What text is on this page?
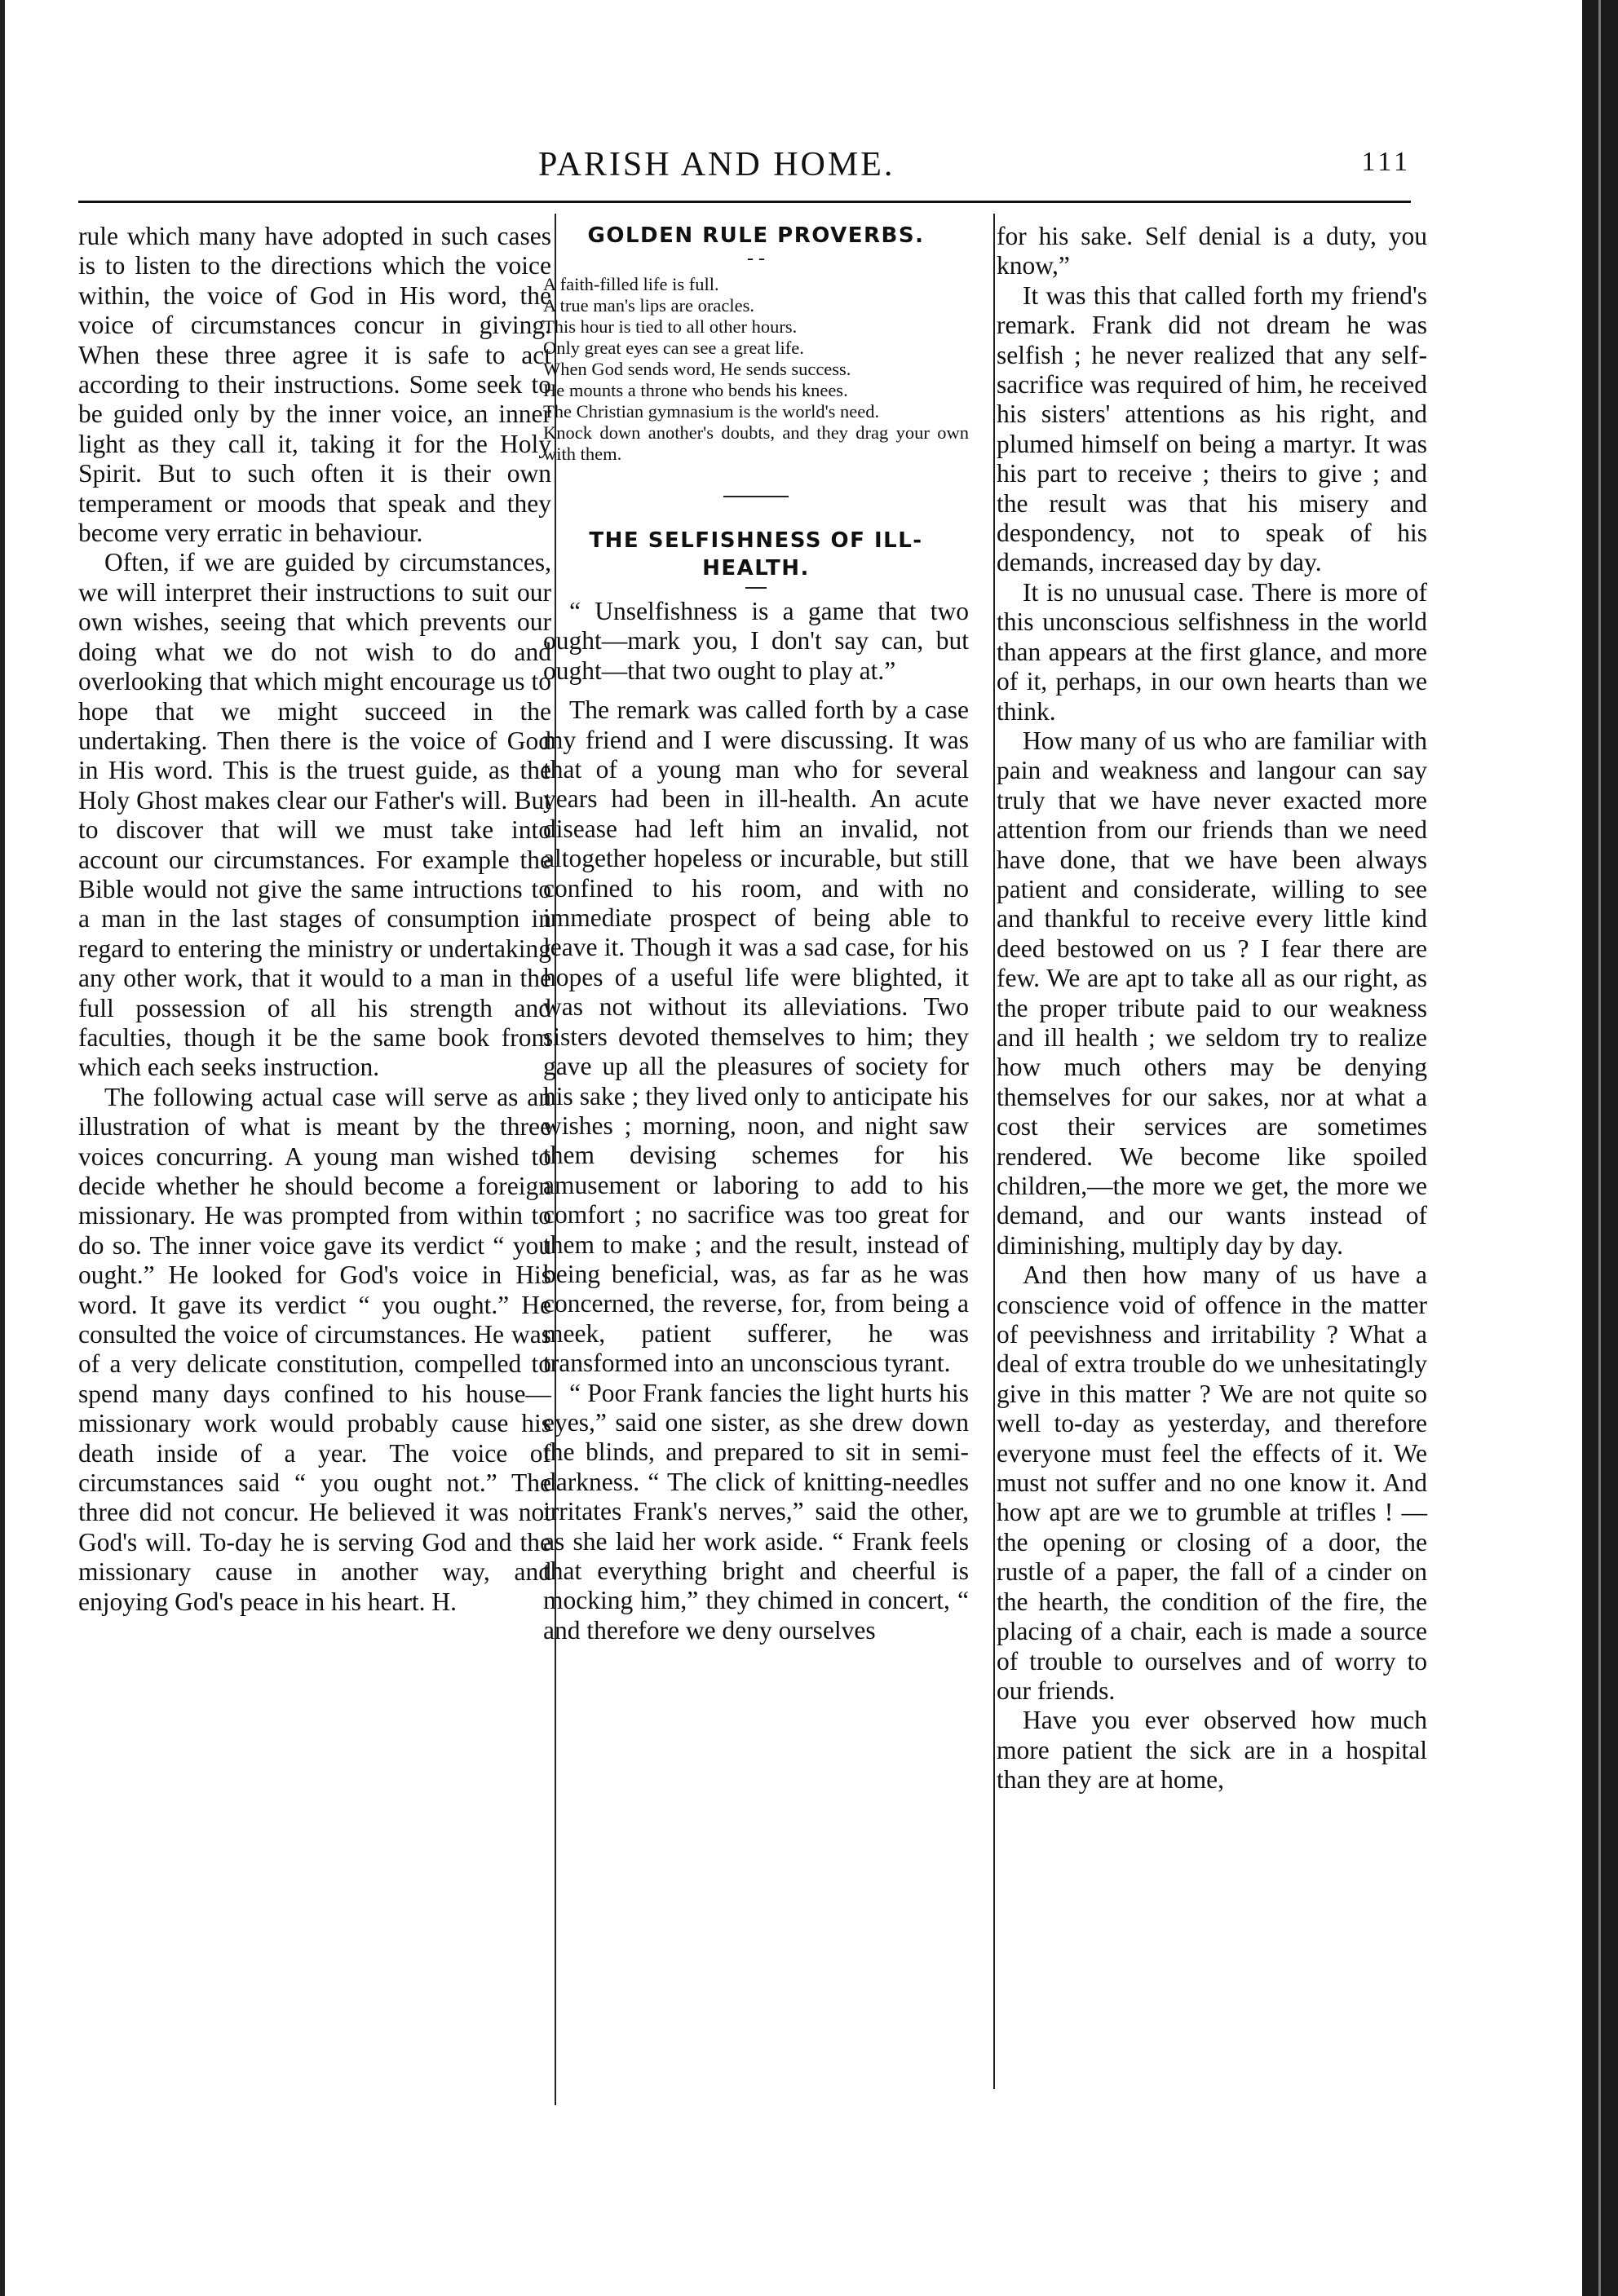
PARISH AND HOME.	111

rule which many have adopted in such cases is to listen to the directions which the voice within, the voice of God in His word, the voice of circumstances concur in giving. When these three agree it is safe to act according to their instructions. Some seek to be guided only by the inner voice, an inner light as they call it, taking it for the Holy Spirit. But to such often it is their own temperament or moods that speak and they become very erratic in behaviour.

Often, if we are guided by circumstances, we will interpret their instructions to suit our own wishes, seeing that which prevents our doing what we do not wish to do and overlooking that which might encourage us to hope that we might succeed in the undertaking. Then there is the voice of God in His word. This is the truest guide, as the Holy Ghost makes clear our Father's will. But to discover that will we must take into account our circumstances. For example the Bible would not give the same intructions to a man in the last stages of consumption in regard to entering the ministry or undertaking any other work, that it would to a man in the full possession of all his strength and faculties, though it be the same book from which each seeks instruction.

The following actual case will serve as an illustration of what is meant by the three voices concurring. A young man wished to decide whether he should become a foreign missionary. He was prompted from within to do so. The inner voice gave its verdict “ you ought.” He looked for God's voice in His word. It gave its verdict “ you ought.” He consulted the voice of circumstances. He was of a very delicate constitution, compelled to spend many days confined to his house—missionary work would probably cause his death inside of a year. The voice of circumstances said “ you ought not.” The three did not concur. He believed it was not God's will. To-day he is serving God and the missionary cause in another way, and enjoying God's peace in his heart. H.

GOLDEN RULE PROVERBS.

- -

A faith-filled life is full.

A true man's lips are oracles.

This hour is tied to all other hours.

Only great eyes can see a great life.

When God sends word, He sends success.

He mounts a throne who bends his knees.

The Christian gymnasium is the world's need.

Knock down another's doubts, and they drag your own with them.

THE SELFISHNESS OF ILL-HEALTH.

“ Unselfishness is a game that two ought—mark you, I don't say can, but ought—that two ought to play at.”

The remark was called forth by a case my friend and I were discussing. It was that of a young man who for several years had been in ill-health. An acute disease had left him an invalid, not altogether hopeless or incurable, but still confined to his room, and with no immediate prospect of being able to leave it. Though it was a sad case, for his hopes of a useful life were blighted, it was not without its alleviations. Two sisters devoted themselves to him; they gave up all the pleasures of society for his sake ; they lived only to anticipate his wishes ; morning, noon, and night saw them devising schemes for his amusement or laboring to add to his comfort ; no sacrifice was too great for them to make ; and the result, instead of being beneficial, was, as far as he was concerned, the reverse, for, from being a meek, patient sufferer, he was transformed into an unconscious tyrant.

“ Poor Frank fancies the light hurts his eyes,” said one sister, as she drew down the blinds, and prepared to sit in semi-darkness. “ The click of knitting-needles irritates Frank's nerves,” said the other, as she laid her work aside. “ Frank feels that everything bright and cheerful is mocking him,” they chimed in concert, “ and therefore we deny ourselves

for his sake. Self denial is a duty, you know,”

It was this that called forth my friend's remark. Frank did not dream he was selfish ; he never realized that any self-sacrifice was required of him, he received his sisters' attentions as his right, and plumed himself on being a martyr. It was his part to receive ; theirs to give ; and the result was that his misery and despondency, not to speak of his demands, increased day by day.

It is no unusual case. There is more of this unconscious selfishness in the world than appears at the first glance, and more of it, perhaps, in our own hearts than we think.

How many of us who are familiar with pain and weakness and langour can say truly that we have never exacted more attention from our friends than we need have done, that we have been always patient and considerate, willing to see and thankful to receive every little kind deed bestowed on us ? I fear there are few. We are apt to take all as our right, as the proper tribute paid to our weakness and ill health ; we seldom try to realize how much others may be denying themselves for our sakes, nor at what a cost their services are sometimes rendered. We become like spoiled children,—the more we get, the more we demand, and our wants instead of diminishing, multiply day by day.

And then how many of us have a conscience void of offence in the matter of peevishness and irritability ? What a deal of extra trouble do we unhesitatingly give in this matter ? We are not quite so well to-day as yesterday, and therefore everyone must feel the effects of it. We must not suffer and no one know it. And how apt are we to grumble at trifles ! —the opening or closing of a door, the rustle of a paper, the fall of a cinder on the hearth, the condition of the fire, the placing of a chair, each is made a source of trouble to ourselves and of worry to our friends.

Have you ever observed how much more patient the sick are in a hospital than they are at home,
